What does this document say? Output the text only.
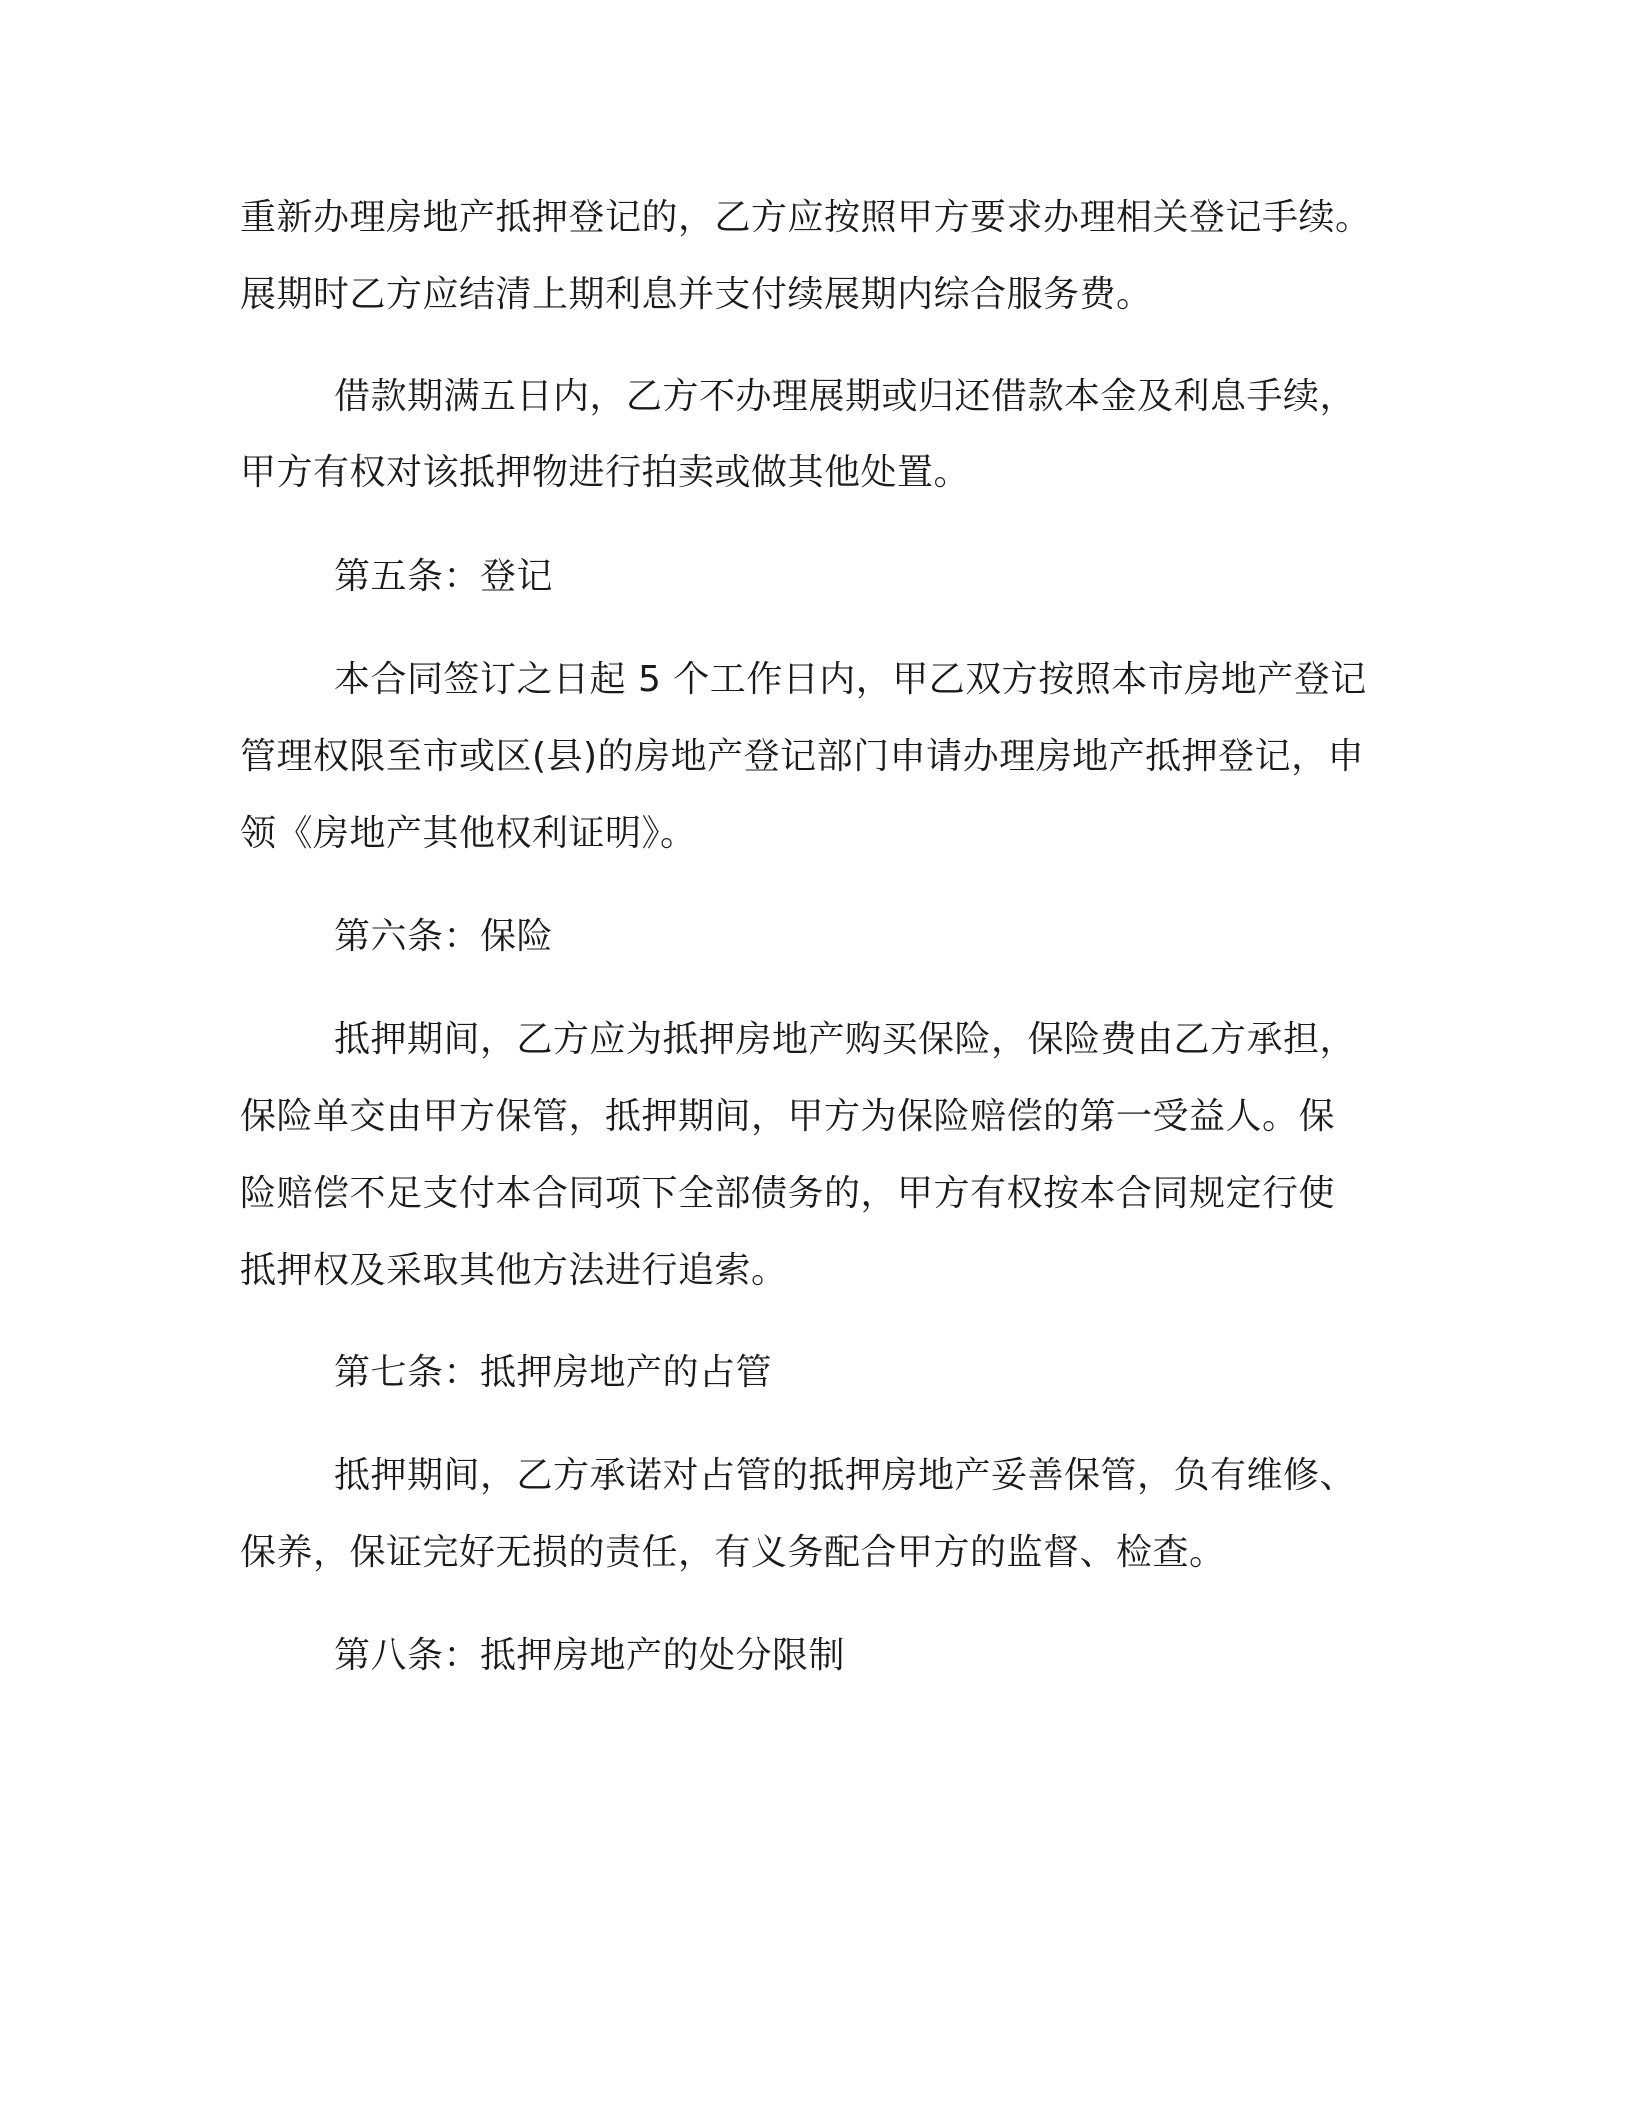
重新办理房地产抵押登记的，乙方应按照甲方要求办理相关登记手续。
展期时乙方应结清上期利息并支付续展期内综合服务费。
借款期满五日内，乙方不办理展期或归还借款本金及利息手续，
甲方有权对该抵押物进行拍卖或做其他处置。
第五条：登记
本合同签订之日起 5 个工作日内，甲乙双方按照本市房地产登记
管理权限至市或区(县)的房地产登记部门申请办理房地产抵押登记，申
领《房地产其他权利证明》。
第六条：保险
抵押期间，乙方应为抵押房地产购买保险，保险费由乙方承担，
保险单交由甲方保管，抵押期间，甲方为保险赔偿的第一受益人。保
险赔偿不足支付本合同项下全部债务的，甲方有权按本合同规定行使
抵押权及采取其他方法进行追索。
第七条：抵押房地产的占管
抵押期间，乙方承诺对占管的抵押房地产妥善保管，负有维修、
保养，保证完好无损的责任，有义务配合甲方的监督、检查。
第八条：抵押房地产的处分限制
